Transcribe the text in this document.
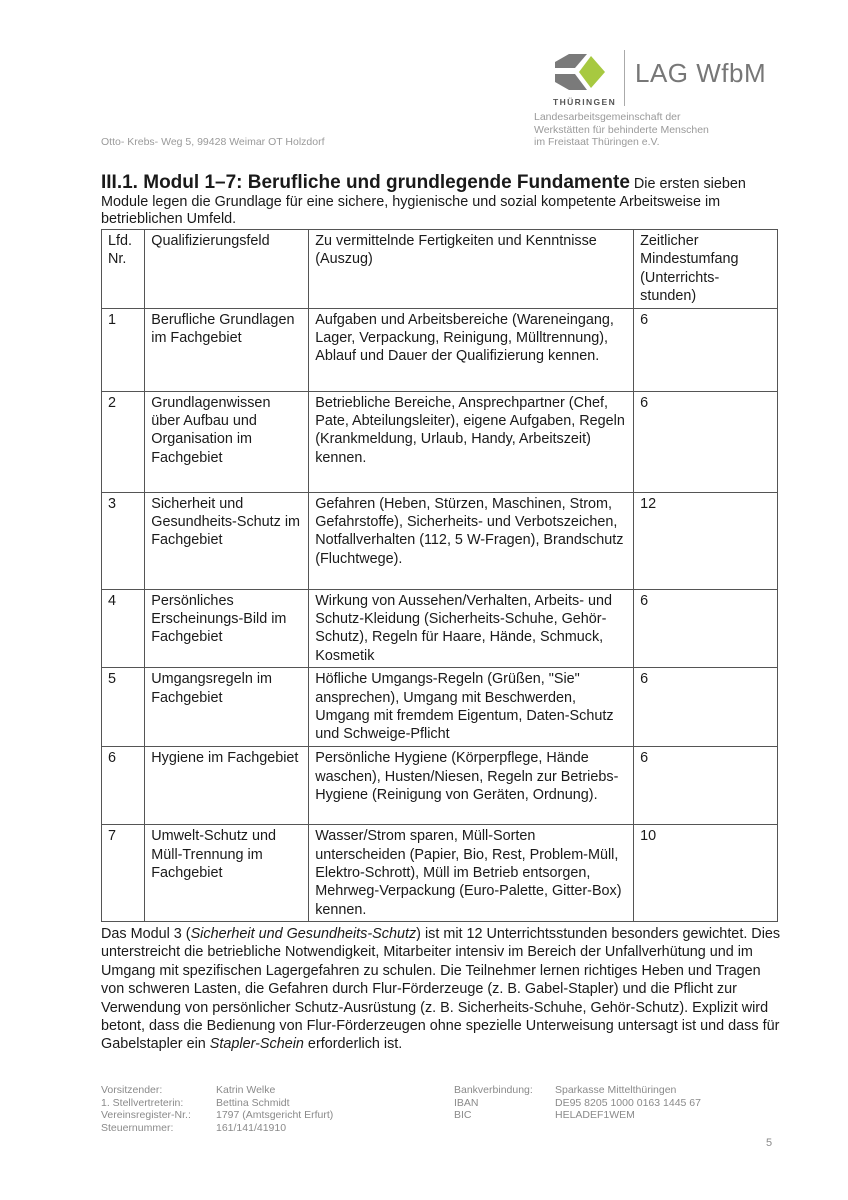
Otto- Krebs- Weg 5, 99428 Weimar OT Holzdorf
THÜRINGEN
LAG WfbM
Landesarbeitsgemeinschaft der
Werkstätten für behinderte Menschen
im Freistaat Thüringen e.V.
III.1. Modul 1–7: Berufliche und grundlegende Fundamente Die ersten sieben Module legen die Grundlage für eine sichere, hygienische und sozial kompetente Arbeitsweise im betrieblichen Umfeld.
Lfd. Nr.	Qualifizierungsfeld	Zu vermittelnde Fertigkeiten und Kenntnisse (Auszug)	Zeitlicher Mindestumfang (Unterrichts-stunden)
1	Berufliche Grundlagen im Fachgebiet	Aufgaben und Arbeitsbereiche (Wareneingang, Lager, Verpackung, Reinigung, Mülltrennung), Ablauf und Dauer der Qualifizierung kennen.	6
2	Grundlagenwissen über Aufbau und Organisation im Fachgebiet	Betriebliche Bereiche, Ansprechpartner (Chef, Pate, Abteilungsleiter), eigene Aufgaben, Regeln (Krankmeldung, Urlaub, Handy, Arbeitszeit) kennen.	6
3	Sicherheit und Gesundheits-Schutz im Fachgebiet	Gefahren (Heben, Stürzen, Maschinen, Strom, Gefahrstoffe), Sicherheits- und Verbotszeichen, Notfallverhalten (112, 5 W-Fragen), Brandschutz (Fluchtwege).	12
4	Persönliches Erscheinungs-Bild im Fachgebiet	Wirkung von Aussehen/Verhalten, Arbeits- und Schutz-Kleidung (Sicherheits-Schuhe, Gehör-Schutz), Regeln für Haare, Hände, Schmuck, Kosmetik	6
5	Umgangsregeln im Fachgebiet	Höfliche Umgangs-Regeln (Grüßen, "Sie" ansprechen), Umgang mit Beschwerden, Umgang mit fremdem Eigentum, Daten-Schutz und Schweige-Pflicht	6
6	Hygiene im Fachgebiet	Persönliche Hygiene (Körperpflege, Hände waschen), Husten/Niesen, Regeln zur Betriebs-Hygiene (Reinigung von Geräten, Ordnung).	6
7	Umwelt-Schutz und Müll-Trennung im Fachgebiet	Wasser/Strom sparen, Müll-Sorten unterscheiden (Papier, Bio, Rest, Problem-Müll, Elektro-Schrott), Müll im Betrieb entsorgen, Mehrweg-Verpackung (Euro-Palette, Gitter-Box) kennen.	10
Das Modul 3 (Sicherheit und Gesundheits-Schutz) ist mit 12 Unterrichtsstunden besonders gewichtet. Dies unterstreicht die betriebliche Notwendigkeit, Mitarbeiter intensiv im Bereich der Unfallverhütung und im Umgang mit spezifischen Lagergefahren zu schulen. Die Teilnehmer lernen richtiges Heben und Tragen von schweren Lasten, die Gefahren durch Flur-Förderzeuge (z. B. Gabel-Stapler) und die Pflicht zur Verwendung von persönlicher Schutz-Ausrüstung (z. B. Sicherheits-Schuhe, Gehör-Schutz). Explizit wird betont, dass die Bedienung von Flur-Förderzeugen ohne spezielle Unterweisung untersagt ist und dass für Gabelstapler ein Stapler-Schein erforderlich ist.
Vorsitzender:	Katrin Welke
1. Stellvertreterin:	Bettina Schmidt
Vereinsregister-Nr.:	1797 (Amtsgericht Erfurt)
Steuernummer:	161/141/41910
Bankverbindung:	Sparkasse Mittelthüringen
IBAN	DE95 8205 1000 0163 1445 67
BIC	HELADEF1WEM
5
